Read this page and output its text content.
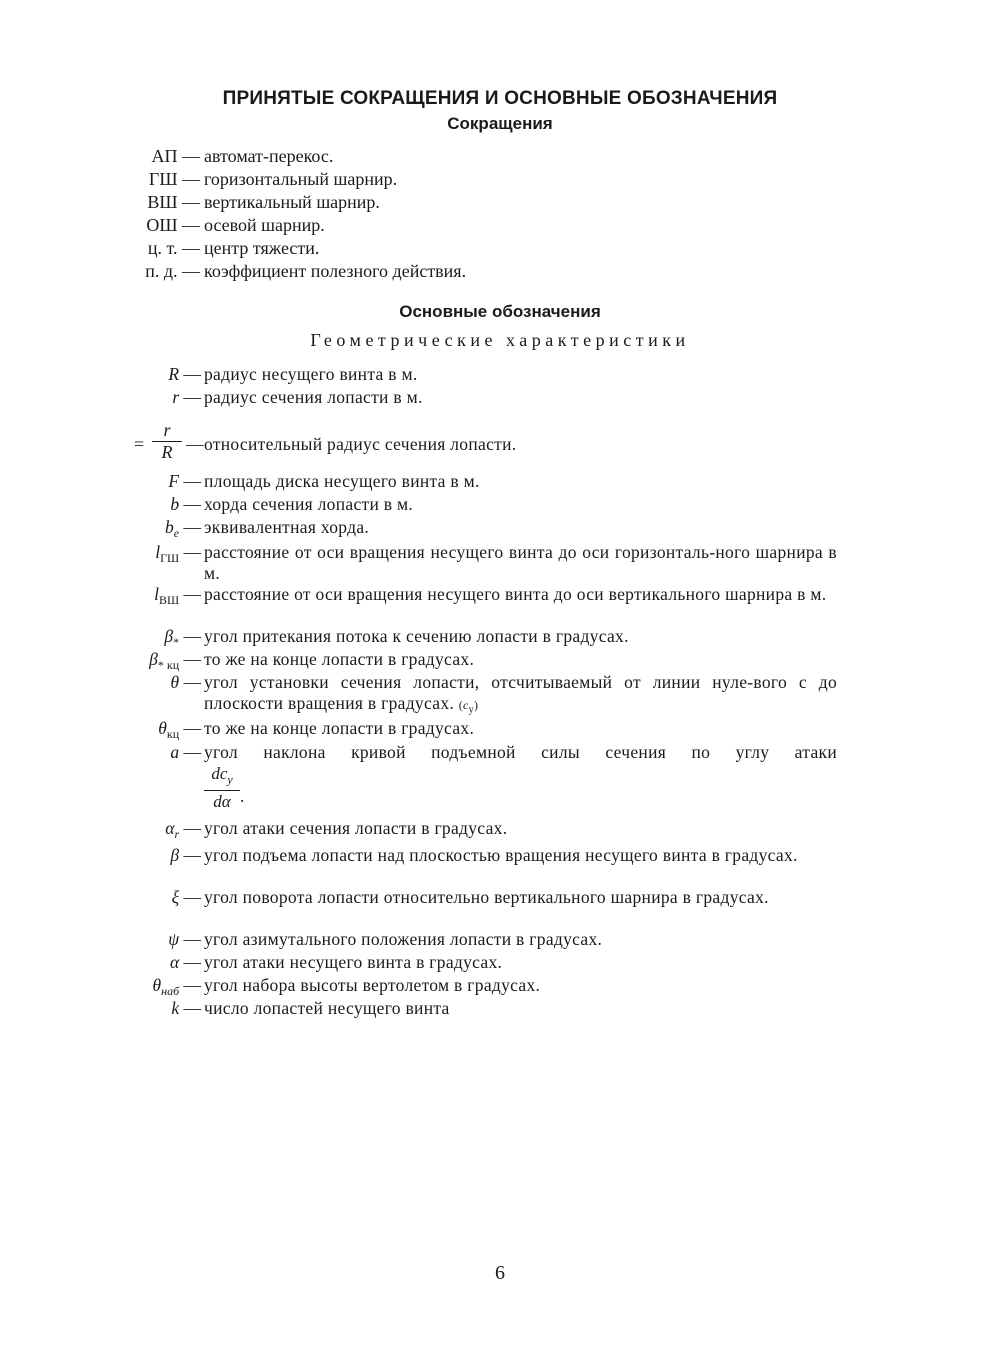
ПРИНЯТЫЕ СОКРАЩЕНИЯ И ОСНОВНЫЕ ОБОЗНАЧЕНИЯ
Сокращения
АП — автомат-перекос.
ГШ — горизонтальный шарнир.
ВШ — вертикальный шарнир.
ОШ — осевой шарнир.
ц. т. — центр тяжести.
п. д. — коэффициент полезного действия.
Основные обозначения
Геометрические характеристики
R — радиус несущего винта в м.
r — радиус сечения лопасти в м.
=
r
R — относительный радиус сечения лопасти.
F — площадь диска несущего винта в м.
b — хорда сечения лопасти в м.
$b_e$ — эквивалентная хорда.
$l_{ГШ}$ — расстояние от оси вращения несущего винта до оси горизонталь-ного шарнира в м.
$l_{ВШ}$ — расстояние от оси вращения несущего винта до оси вертикального шарнира в м.
$\beta_*$ — угол притекания потока к сечению лопасти в градусах.
$\beta_{* кц}$ — то же на конце лопасти в градусах.
θ — угол установки сечения лопасти, отсчитываемый от линии нуле-вого c до плоскости вращения в градусах. $(c_y)$
$\theta_{кц}$ — то же на конце лопасти в градусах.
a — угол наклона кривой подъемной силы сечения по углу атаки
$dc_y$
dα .
$\alpha_r$ — угол атаки сечения лопасти в градусах.
β — угол подъема лопасти над плоскостью вращения несущего винта в градусах.
ξ — угол поворота лопасти относительно вертикального шарнира в градусах.
ψ — угол азимутального положения лопасти в градусах.
α — угол атаки несущего винта в градусах.
$\theta_{наб}$ — угол набора высоты вертолетом в градусах.
k — число лопастей несущего винта
6
